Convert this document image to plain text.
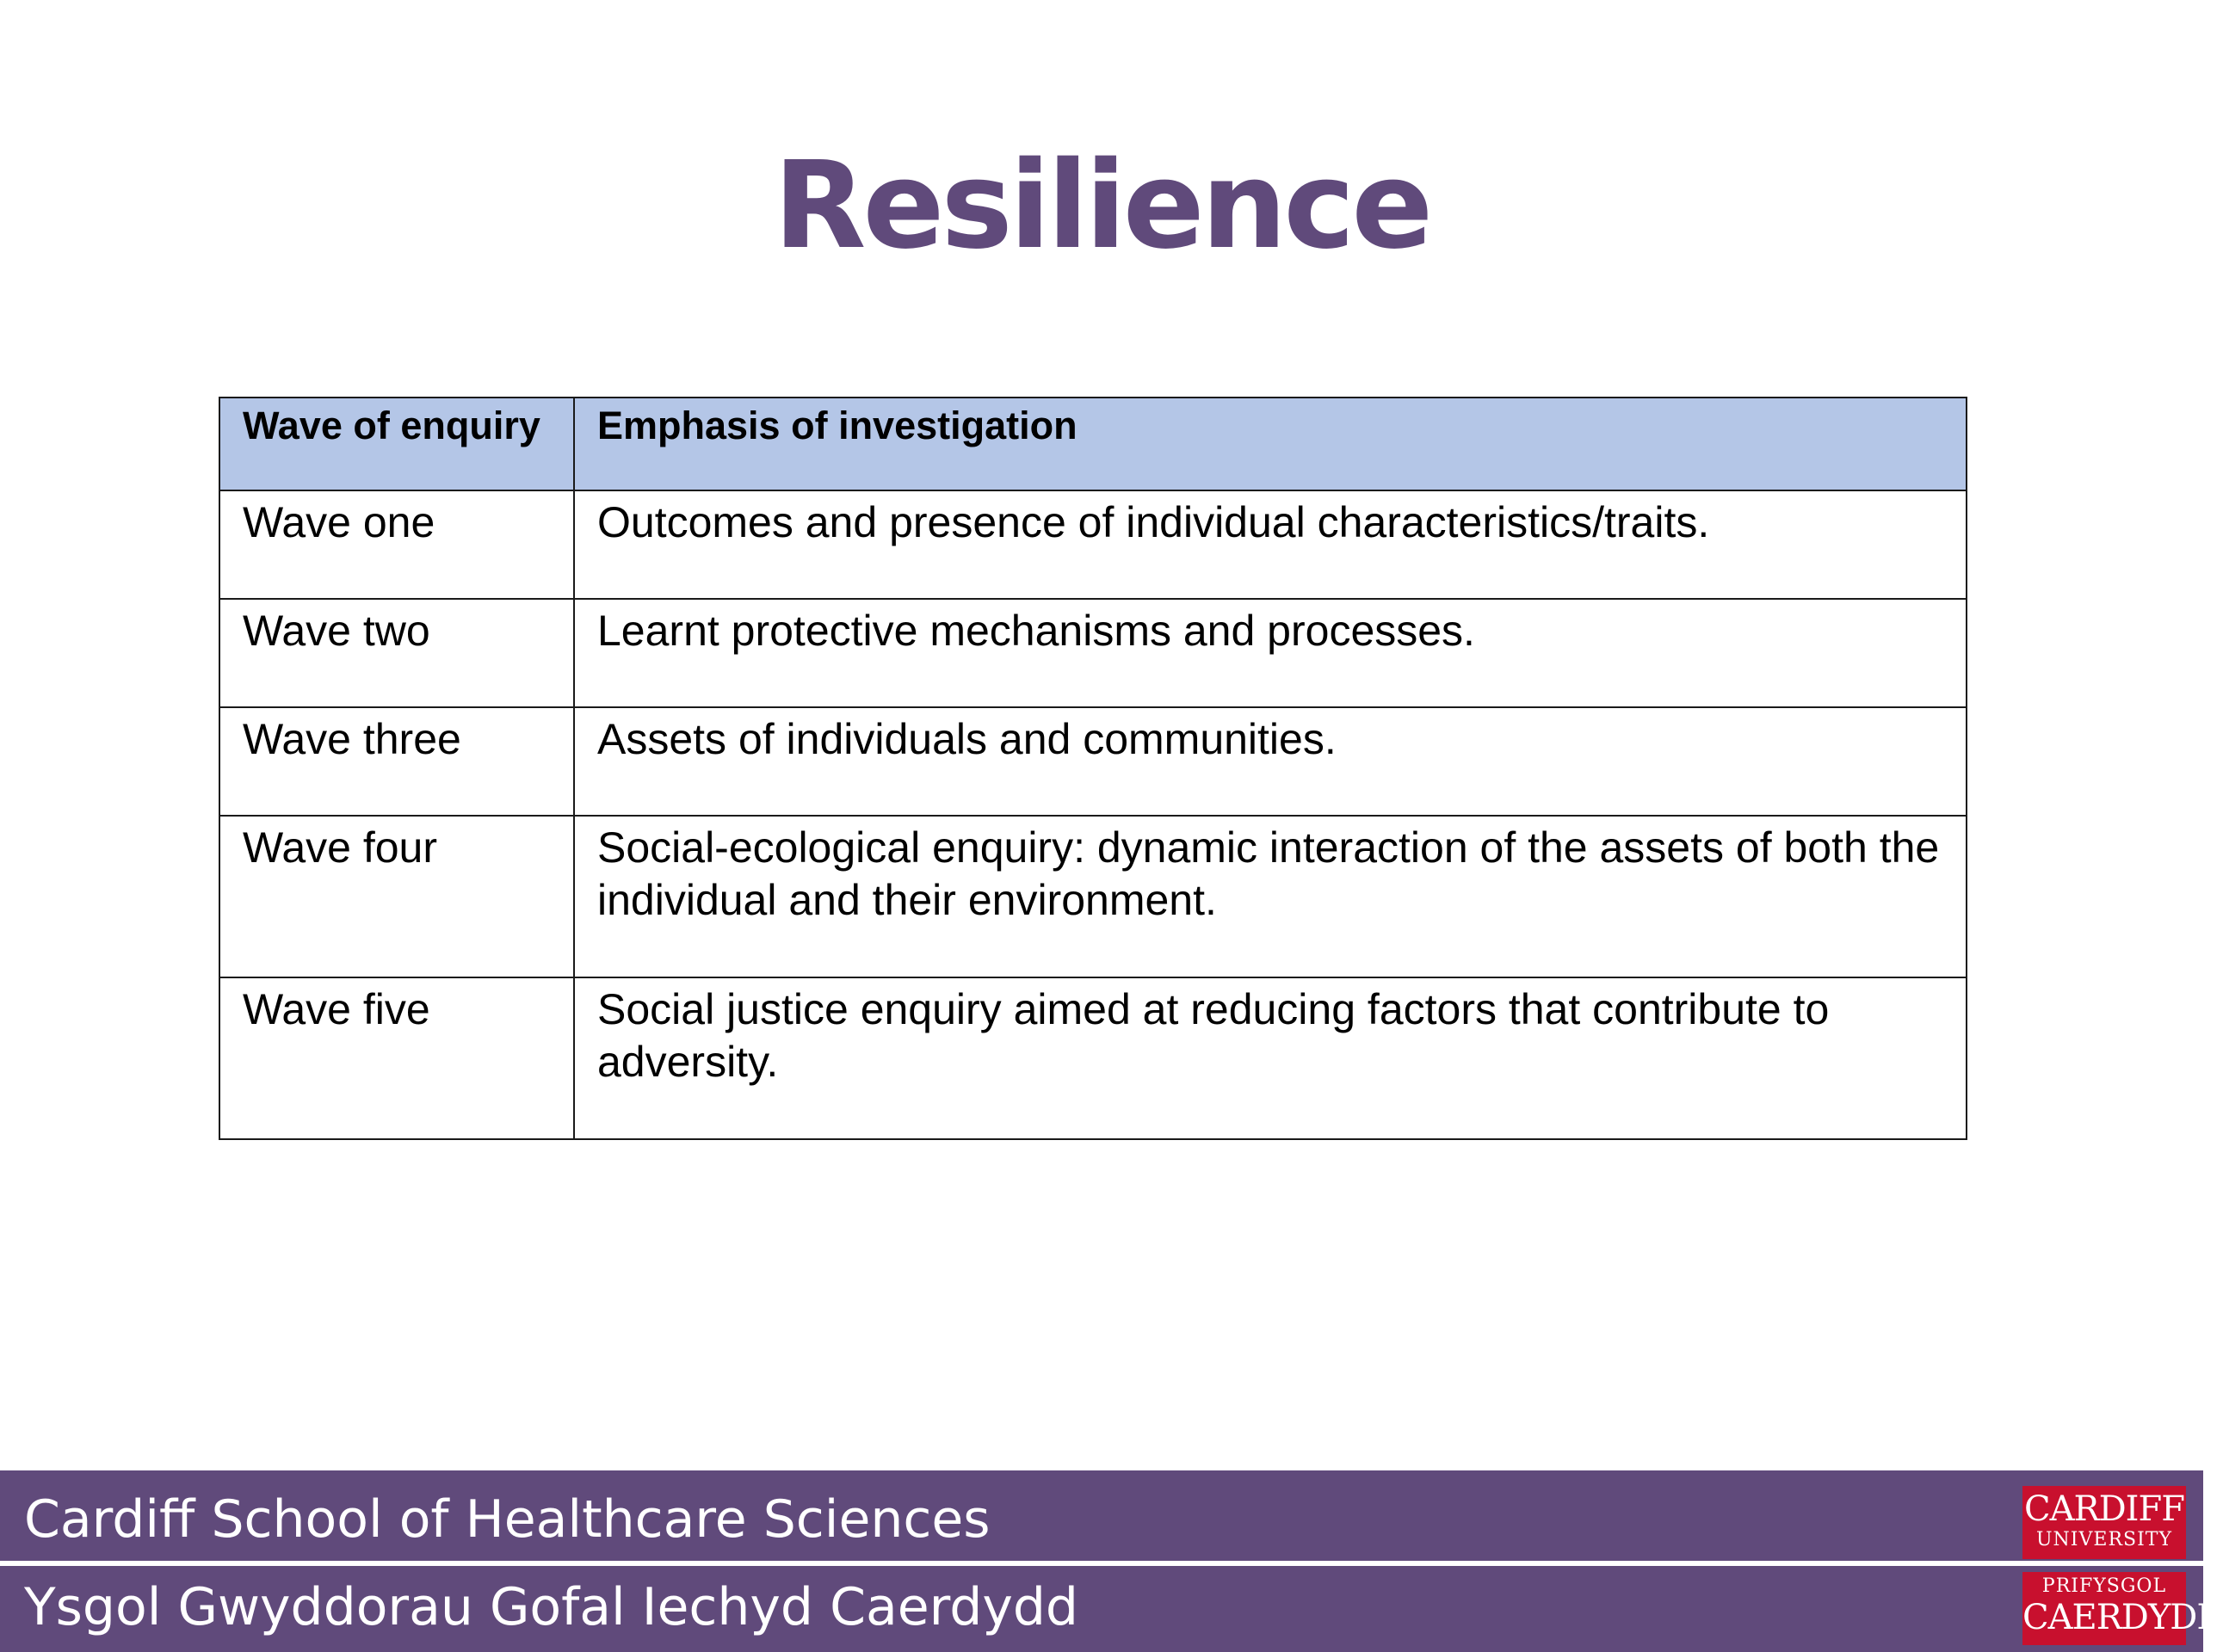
Resilience
Wave of enquiry	Emphasis of investigation
Wave one	Outcomes and presence of individual characteristics/traits.
Wave two	Learnt protective mechanisms and processes.
Wave three	Assets of individuals and communities.
Wave four	Social-ecological enquiry: dynamic interaction of the assets of both the individual and their environment.
Wave five	Social justice enquiry aimed at reducing factors that contribute to adversity.
Cardiff School of Healthcare Sciences
Ysgol Gwyddorau Gofal Iechyd Caerdydd
CARDIFF
UNIVERSITY
PRIFYSGOL
CAERDYDD
